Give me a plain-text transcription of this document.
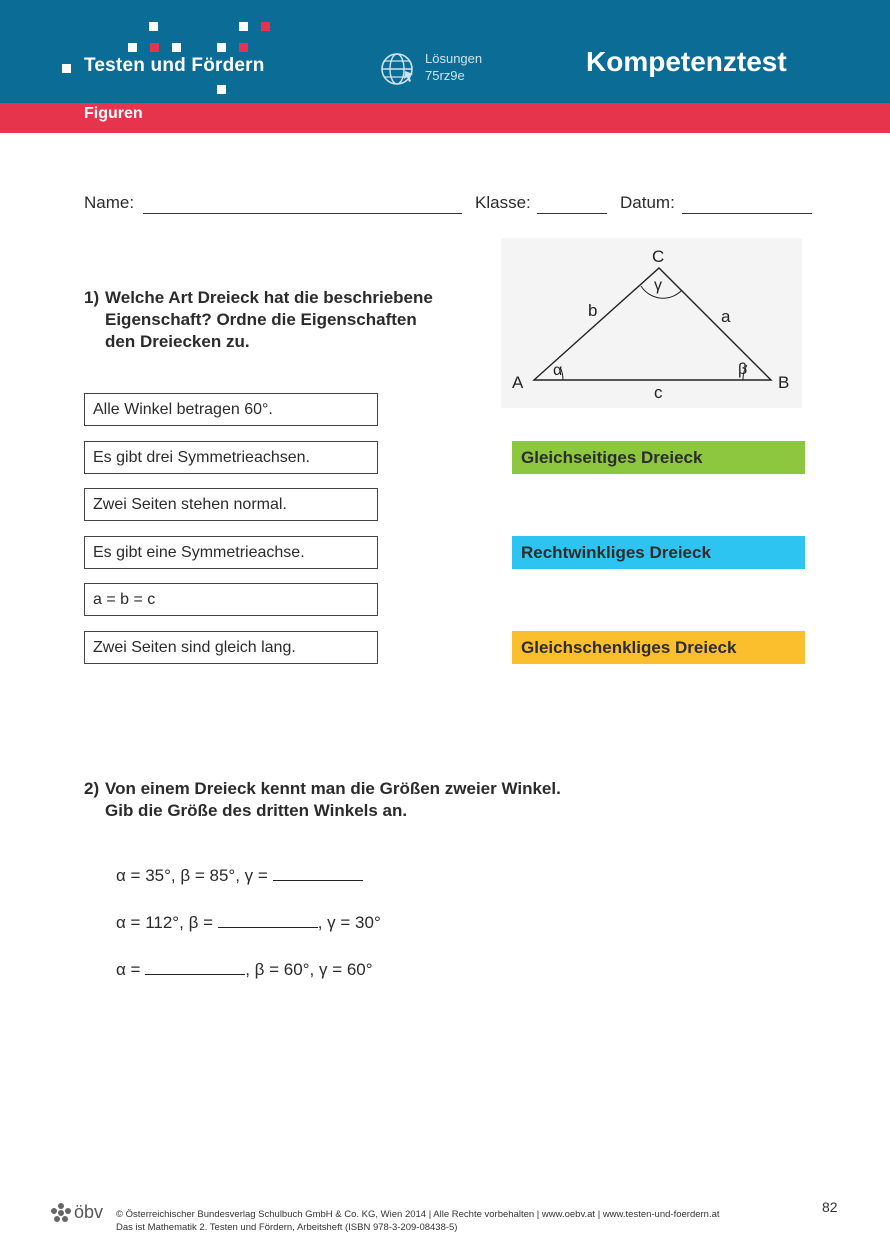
Testen und Fördern	Lösungen
75rz9e	Kompetenztest
Figuren
Name:	Klasse:	Datum:
1) Welche Art Dreieck hat die beschriebene
Eigenschaft? Ordne die Eigenschaften
den Dreiecken zu.
A	B
C
a
b
c
α	β
γ
Alle Winkel betragen 60°.
Es gibt drei Symmetrieachsen.
Zwei Seiten stehen normal.
Es gibt eine Symmetrieachse.
a = b = c
Zwei Seiten sind gleich lang.
Gleichseitiges Dreieck
Rechtwinkliges Dreieck
Gleichschenkliges Dreieck
2) Von einem Dreieck kennt man die Größen zweier Winkel.
Gib die Größe des dritten Winkels an.
α = 35°, β = 85°, γ =
α = 112°, β =	, γ = 30°
α =	, β = 60°, γ = 60°
öbv © Österreichischer Bundesverlag Schulbuch GmbH & Co. KG, Wien 2014 | Alle Rechte vorbehalten | www.oebv.at | www.testen-und-foerdern.at
Das ist Mathematik 2. Testen und Fördern, Arbeitsheft (ISBN 978-3-209-08438-5)
82
